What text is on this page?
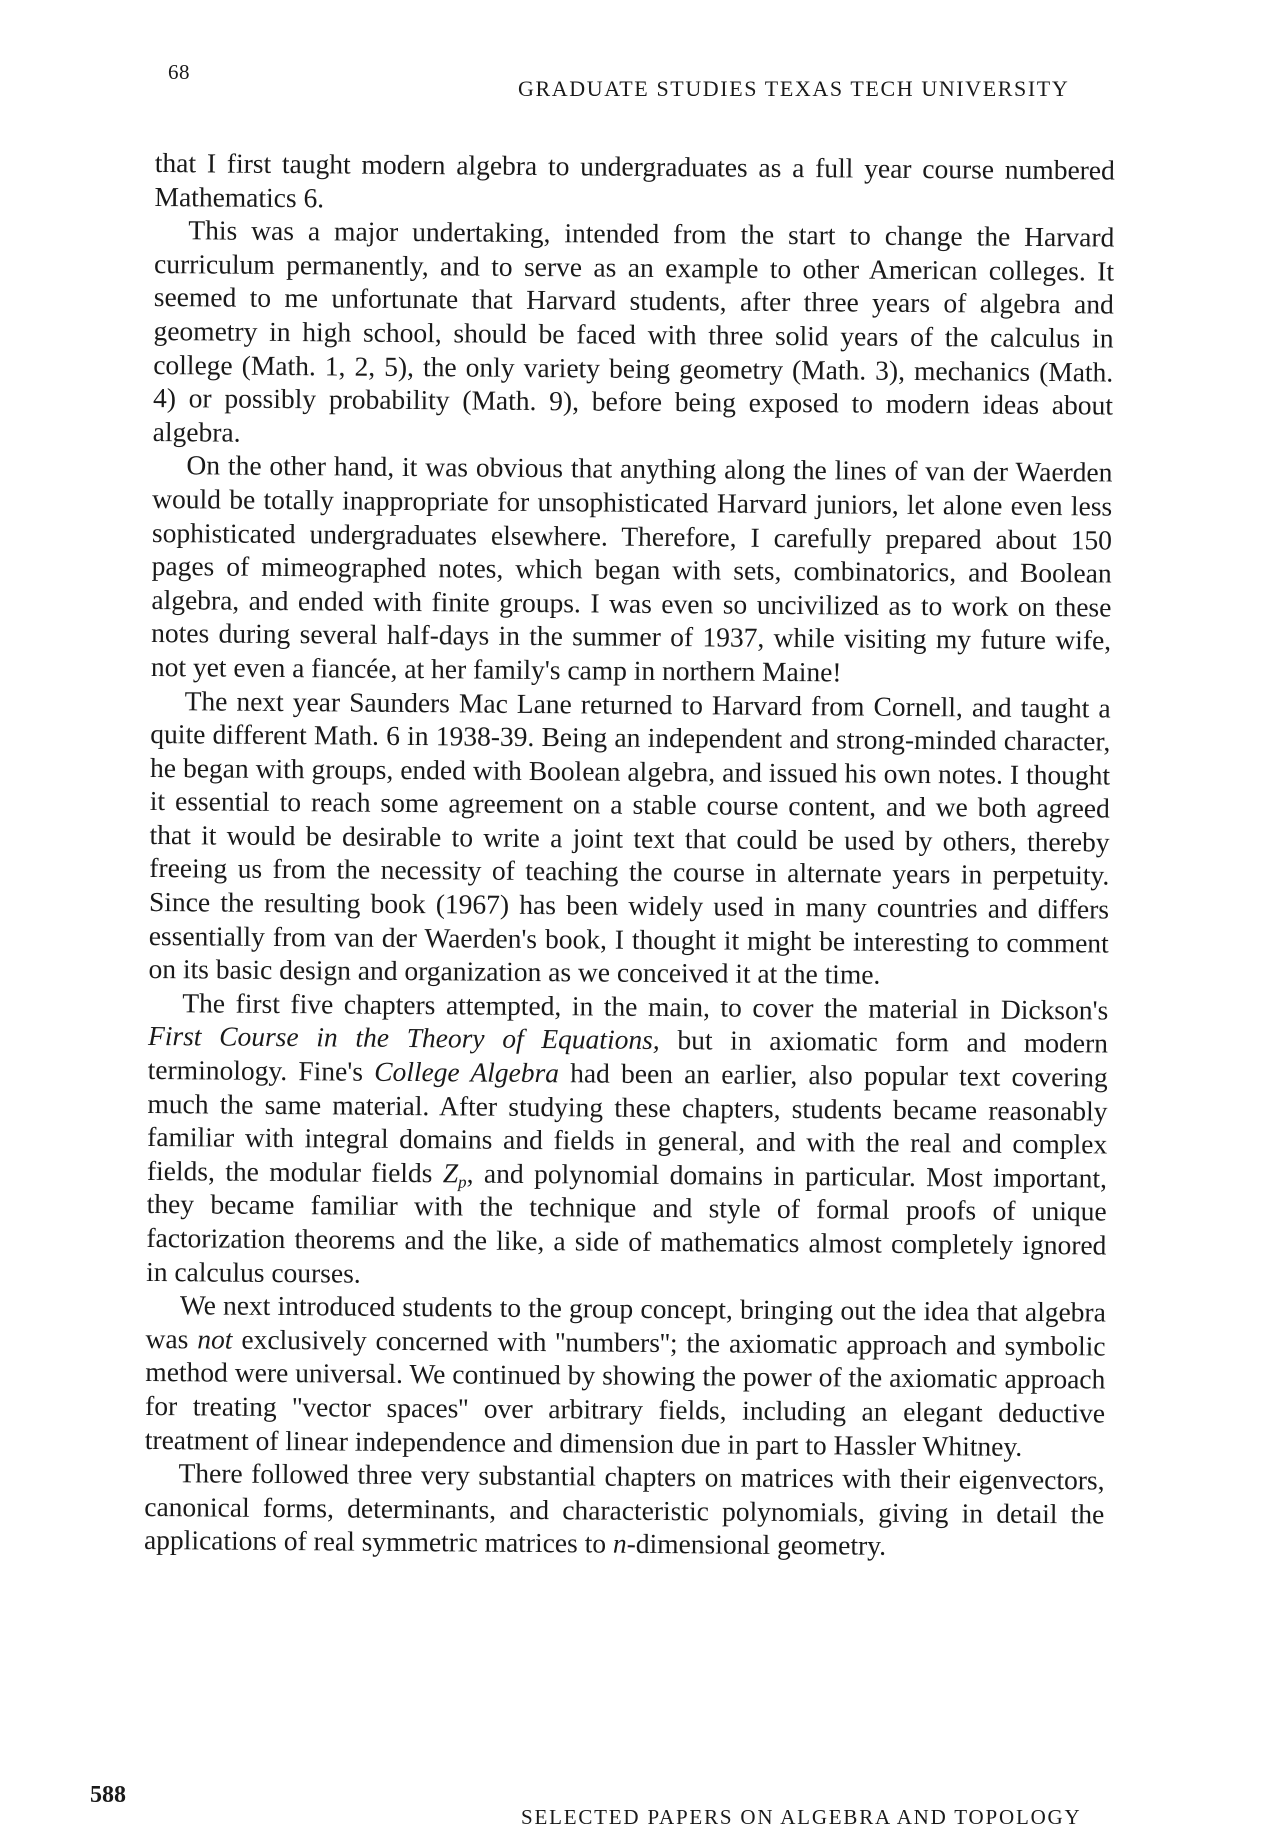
68
GRADUATE STUDIES TEXAS TECH UNIVERSITY

that I first taught modern algebra to undergraduates as a full year course numbered Mathematics 6.

This was a major undertaking, intended from the start to change the Harvard curriculum permanently, and to serve as an example to other American colleges. It seemed to me unfortunate that Harvard students, after three years of algebra and geometry in high school, should be faced with three solid years of the calculus in college (Math. 1, 2, 5), the only variety being geometry (Math. 3), mechanics (Math. 4) or possibly probability (Math. 9), before being exposed to modern ideas about algebra.

On the other hand, it was obvious that anything along the lines of van der Waerden would be totally inappropriate for unsophisticated Harvard juniors, let alone even less sophisticated undergraduates elsewhere. Therefore, I carefully prepared about 150 pages of mimeographed notes, which began with sets, combinatorics, and Boolean algebra, and ended with finite groups. I was even so uncivilized as to work on these notes during several half-days in the summer of 1937, while visiting my future wife, not yet even a fiancée, at her family's camp in northern Maine!

The next year Saunders Mac Lane returned to Harvard from Cornell, and taught a quite different Math. 6 in 1938-39. Being an independent and strong-minded character, he began with groups, ended with Boolean algebra, and issued his own notes. I thought it essential to reach some agreement on a stable course content, and we both agreed that it would be desirable to write a joint text that could be used by others, thereby freeing us from the necessity of teaching the course in alternate years in perpetuity. Since the resulting book (1967) has been widely used in many countries and differs essentially from van der Waerden's book, I thought it might be interesting to comment on its basic design and organization as we conceived it at the time.

The first five chapters attempted, in the main, to cover the material in Dickson's First Course in the Theory of Equations, but in axiomatic form and modern terminology. Fine's College Algebra had been an earlier, also popular text covering much the same material. After studying these chapters, students became reasonably familiar with integral domains and fields in general, and with the real and complex fields, the modular fields $Z_p$, and polynomial domains in particular. Most important, they became familiar with the technique and style of formal proofs of unique factorization theorems and the like, a side of mathematics almost completely ignored in calculus courses.

We next introduced students to the group concept, bringing out the idea that algebra was not exclusively concerned with ''numbers''; the axiomatic approach and symbolic method were universal. We continued by showing the power of the axiomatic approach for treating ''vector spaces'' over arbitrary fields, including an elegant deductive treatment of linear independence and dimension due in part to Hassler Whitney.

There followed three very substantial chapters on matrices with their eigenvectors, canonical forms, determinants, and characteristic polynomials, giving in detail the applications of real symmetric matrices to n-dimensional geometry.

588
SELECTED PAPERS ON ALGEBRA AND TOPOLOGY
